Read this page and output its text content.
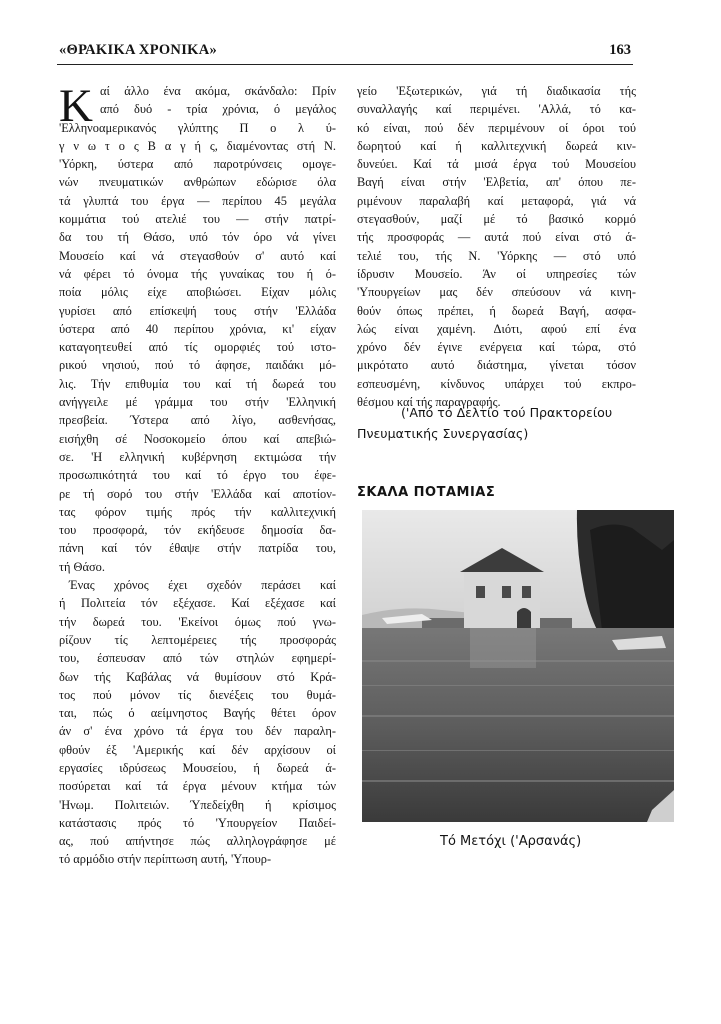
«ΘΡΑΚΙΚΑ ΧΡΟΝΙΚΑ»	163
Κ αί άλλο ένα ακόμα, σκάνδαλο: Πρίν
από δυό - τρία χρόνια, ό μεγάλος
'Ελληνοαμερικανός γλύπτης Π ο λ ύ-
γ ν ω τ ο ς Β α γ ή ς, διαμένοντας στή Ν.
'Υόρκη, ύστερα από παροτρύνσεις ομογε-
νών πνευματικών ανθρώπων εδώρισε όλα
τά γλυπτά του έργα — περίπου 45 μεγάλα
κομμάτια τού ατελιέ του — στήν πατρί-
δα του τή Θάσο, υπό τόν όρο νά γίνει
Μουσείο καί νά στεγασθούν σ' αυτό καί
νά φέρει τό όνομα τής γυναίκας του ή ό-
ποία μόλις είχε αποβιώσει. Είχαν μόλις
γυρίσει από επίσκεψή τους στήν 'Ελλάδα
ύστερα από 40 περίπου χρόνια, κι' είχαν
καταγοητευθεί από τίς ομορφιές τού ιστο-
ρικού νησιού, πού τό άφησε, παιδάκι μό-
λις. Τήν επιθυμία του καί τή δωρεά του
ανήγγειλε μέ γράμμα του στήν 'Ελληνική
πρεσβεία. Ύστερα από λίγο, ασθενήσας,
εισήχθη σέ Νοσοκομείο όπου καί απεβιώ-
σε. 'Η ελληνική κυβέρνηση εκτιμώσα τήν
προσωπικότητά του καί τό έργο του έφε-
ρε τή σορό του στήν 'Ελλάδα καί αποτίον-
τας φόρον τιμής πρός τήν καλλιτεχνική
του προσφορά, τόν εκήδευσε δημοσία δα-
πάνη καί τόν έθαψε στήν πατρίδα του,
τή Θάσο.
Ένας χρόνος έχει σχεδόν περάσει καί
ή Πολιτεία τόν εξέχασε. Καί εξέχασε καί
τήν δωρεά του. 'Εκείνοι όμως πού γνω-
ρίζουν τίς λεπτομέρειες τής προσφοράς
του, έσπευσαν από τών στηλών εφημερί-
δων τής Καβάλας νά θυμίσουν στό Κρά-
τος πού μόνον τίς διενέξεις του θυμά-
ται, πώς ό αείμνηστος Βαγής θέτει όρον
άν σ' ένα χρόνο τά έργα του δέν παραλη-
φθούν έξ 'Αμερικής καί δέν αρχίσουν οί
εργασίες ιδρύσεως Μουσείου, ή δωρεά ά-
ποσύρεται καί τά έργα μένουν κτήμα τών
'Ηνωμ. Πολιτειών. Ύπεδείχθη ή κρίσιμος
κατάστασις πρός τό 'Υπουργείον Παιδεί-
ας, πού απήντησε πώς αλληλογράφησε μέ
τό αρμόδιο στήν περίπτωση αυτή, 'Υπουρ-
γείο 'Εξωτερικών, γιά τή διαδικασία τής
συναλλαγής καί περιμένει. 'Αλλά, τό κα-
κό είναι, πού δέν περιμένουν οί όροι τού
δωρητού καί ή καλλιτεχνική δωρεά κιν-
δυνεύει. Καί τά μισά έργα τού Μουσείου
Βαγή είναι στήν 'Ελβετία, απ' όπου πε-
ριμένουν παραλαβή καί μεταφορά, γιά νά
στεγασθούν, μαζί μέ τό βασικό κορμό
τής προσφοράς — αυτά πού είναι στό ά-
τελιέ του, τής Ν. 'Υόρκης — στό υπό
ίδρυσιν Μουσείο. Άν οί υπηρεσίες τών
'Υπουργείων μας δέν σπεύσουν νά κινη-
θούν όπως πρέπει, ή δωρεά Βαγή, ασφα-
λώς είναι χαμένη. Διότι, αφού επί ένα
χρόνο δέν έγινε ενέργεια καί τώρα, στό
μικρότατο αυτό διάστημα, γίνεται τόσον
εσπευσμένη, κίνδυνος υπάρχει τού εκπρο-
θέσμου καί τής παραγραφής.
('Από τό Δελτίο τού Πρακτορείου
Πνευματικής Συνεργασίας)
ΣΚΑΛΑ ΠΟΤΑΜΙΑΣ
Τό Μετόχι ('Αρσανάς)
